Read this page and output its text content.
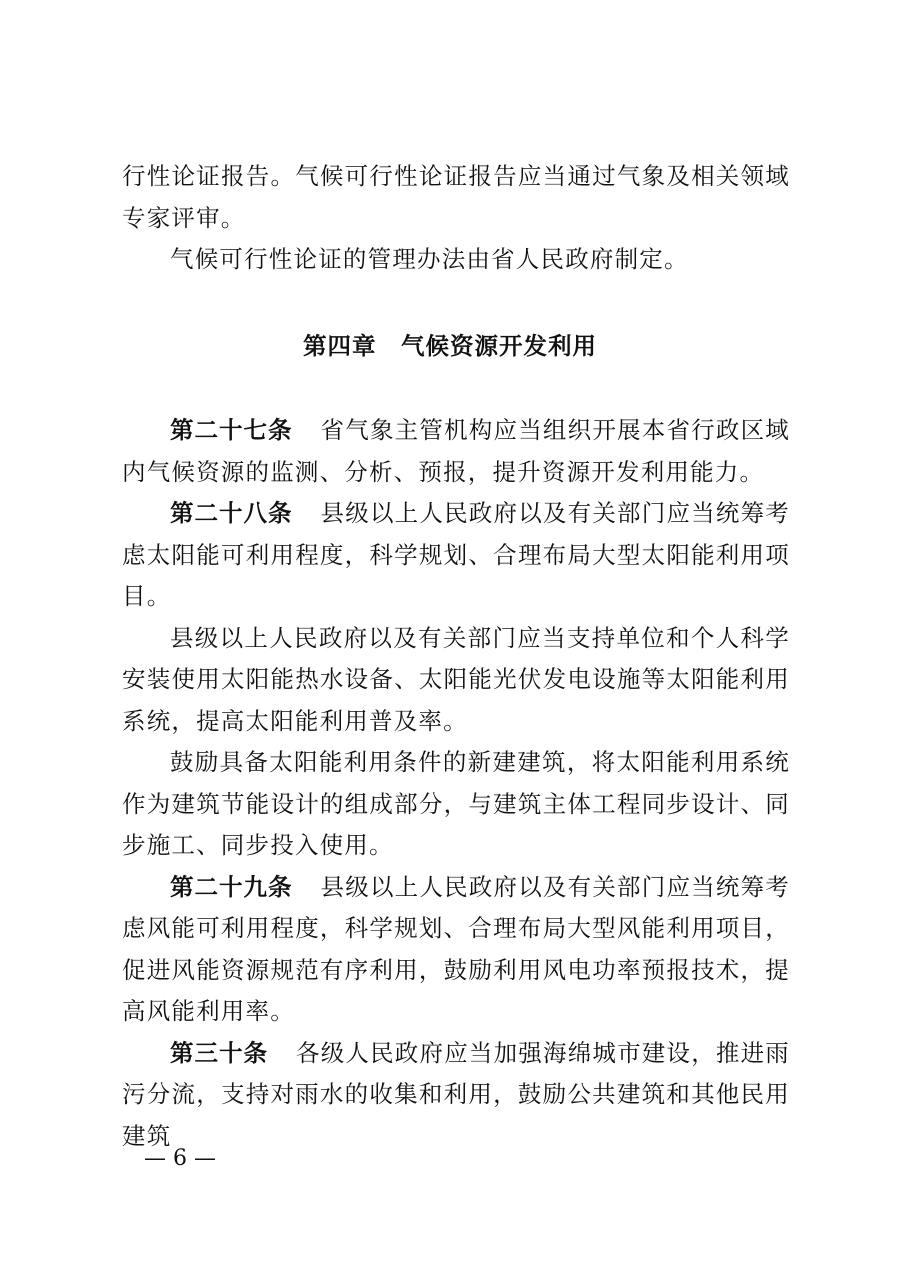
行性论证报告。气候可行性论证报告应当通过气象及相关领域专家评审。

气候可行性论证的管理办法由省人民政府制定。

第四章　气候资源开发利用

第二十七条 省气象主管机构应当组织开展本省行政区域内气候资源的监测、分析、预报，提升资源开发利用能力。

第二十八条 县级以上人民政府以及有关部门应当统筹考虑太阳能可利用程度，科学规划、合理布局大型太阳能利用项目。

县级以上人民政府以及有关部门应当支持单位和个人科学安装使用太阳能热水设备、太阳能光伏发电设施等太阳能利用系统，提高太阳能利用普及率。

鼓励具备太阳能利用条件的新建建筑，将太阳能利用系统作为建筑节能设计的组成部分，与建筑主体工程同步设计、同步施工、同步投入使用。

第二十九条 县级以上人民政府以及有关部门应当统筹考虑风能可利用程度，科学规划、合理布局大型风能利用项目，促进风能资源规范有序利用，鼓励利用风电功率预报技术，提高风能利用率。

第三十条 各级人民政府应当加强海绵城市建设，推进雨污分流，支持对雨水的收集和利用，鼓励公共建筑和其他民用建筑

— 6 —
